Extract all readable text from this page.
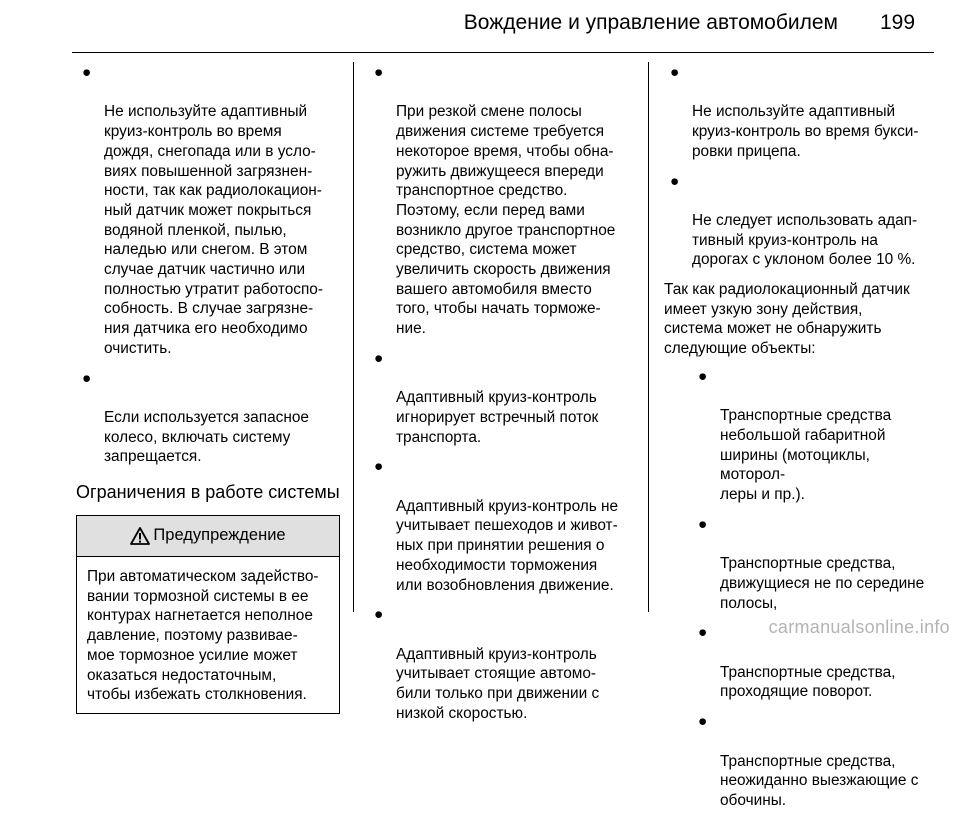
Вождение и управление автомобилем 199

●

Не используйте адаптивный
круиз-контроль во время
дождя, снегопада или в усло-
виях повышенной загрязнен-
ности, так как радиолокацион-
ный датчик может покрыться
водяной пленкой, пылью,
наледью или снегом. В этом
случае датчик частично или
полностью утратит работоспо-
собность. В случае загрязне-
ния датчика его необходимо
очистить.

●

Если используется запасное
колесо, включать систему
запрещается.

Ограничения в работе системы
Предупреждение
При автоматическом задейство-
вании тормозной системы в ее
контурах нагнетается неполное
давление, поэтому развивае-
мое тормозное усилие может
оказаться недостаточным,
чтобы избежать столкновения.

●

При резкой смене полосы
движения системе требуется
некоторое время, чтобы обна-
ружить движущееся впереди
транспортное средство.
Поэтому, если перед вами
возникло другое транспортное
средство, система может
увеличить скорость движения
вашего автомобиля вместо
того, чтобы начать торможе-
ние.

●

Адаптивный круиз-контроль
игнорирует встречный поток
транспорта.

●

Адаптивный круиз-контроль не
учитывает пешеходов и живот-
ных при принятии решения о
необходимости торможения
или возобновления движение.

●

Адаптивный круиз-контроль
учитывает стоящие автомо-
били только при движении с
низкой скоростью.

●

Не используйте адаптивный
круиз-контроль во время букси-
ровки прицепа.

●

Не следует использовать адап-
тивный круиз-контроль на
дорогах с уклоном более 10 %.

Так как радиолокационный датчик
имеет узкую зону действия,
система может не обнаружить
следующие объекты:

●

Транспортные средства
небольшой габаритной
ширины (мотоциклы, моторол-
леры и пр.).

●

Транспортные средства,
движущиеся не по середине
полосы,

●

Транспортные средства,
проходящие поворот.

●

Транспортные средства,
неожиданно выезжающие с
обочины.

carmanualsonline.info
